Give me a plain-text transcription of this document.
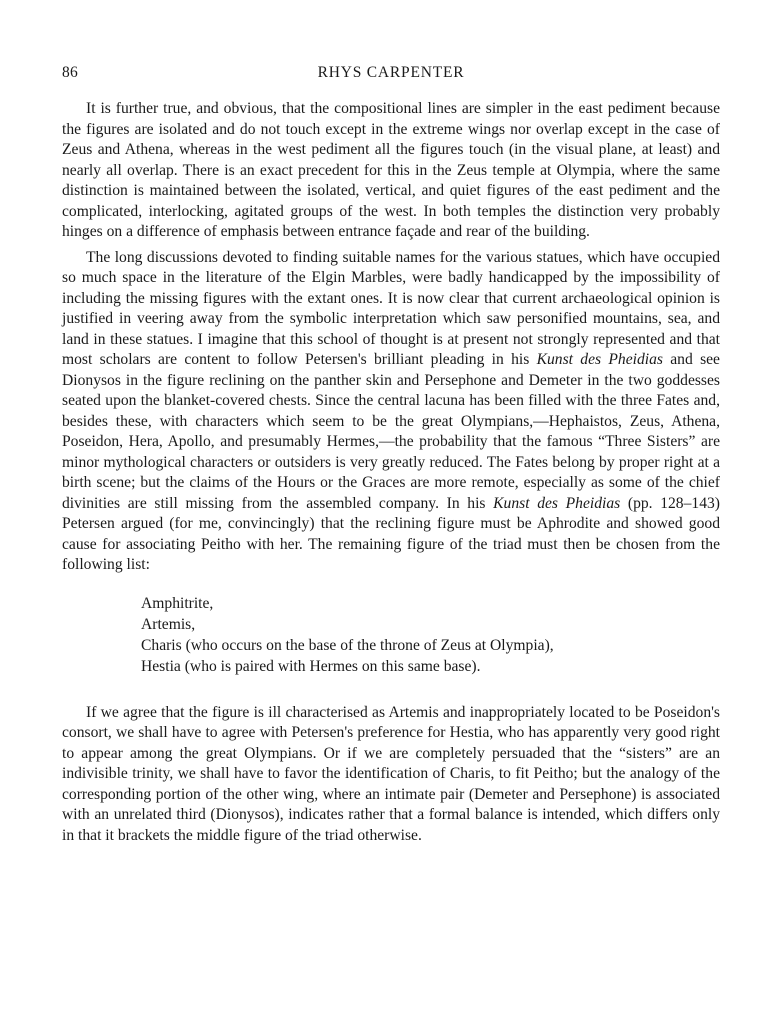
86	RHYS CARPENTER

It is further true, and obvious, that the compositional lines are simpler in the east pediment because the figures are isolated and do not touch except in the extreme wings nor overlap except in the case of Zeus and Athena, whereas in the west pediment all the figures touch (in the visual plane, at least) and nearly all overlap. There is an exact precedent for this in the Zeus temple at Olympia, where the same distinction is maintained between the isolated, vertical, and quiet figures of the east pediment and the complicated, interlocking, agitated groups of the west. In both temples the distinction very probably hinges on a difference of emphasis between entrance façade and rear of the building.

The long discussions devoted to finding suitable names for the various statues, which have occupied so much space in the literature of the Elgin Marbles, were badly handicapped by the impossibility of including the missing figures with the extant ones. It is now clear that current archaeological opinion is justified in veering away from the symbolic interpretation which saw personified mountains, sea, and land in these statues. I imagine that this school of thought is at present not strongly represented and that most scholars are content to follow Petersen's brilliant pleading in his Kunst des Pheidias and see Dionysos in the figure reclining on the panther skin and Persephone and Demeter in the two goddesses seated upon the blanket-covered chests. Since the central lacuna has been filled with the three Fates and, besides these, with characters which seem to be the great Olympians,—Hephaistos, Zeus, Athena, Poseidon, Hera, Apollo, and presumably Hermes,—the probability that the famous “Three Sisters” are minor mythological characters or outsiders is very greatly reduced. The Fates belong by proper right at a birth scene; but the claims of the Hours or the Graces are more remote, especially as some of the chief divinities are still missing from the assembled company. In his Kunst des Pheidias (pp. 128–143) Petersen argued (for me, convincingly) that the reclining figure must be Aphrodite and showed good cause for associating Peitho with her. The remaining figure of the triad must then be chosen from the following list:

Amphitrite,
Artemis,
Charis (who occurs on the base of the throne of Zeus at Olympia),
Hestia (who is paired with Hermes on this same base).

If we agree that the figure is ill characterised as Artemis and inappropriately located to be Poseidon's consort, we shall have to agree with Petersen's preference for Hestia, who has apparently very good right to appear among the great Olympians. Or if we are completely persuaded that the “sisters” are an indivisible trinity, we shall have to favor the identification of Charis, to fit Peitho; but the analogy of the corresponding portion of the other wing, where an intimate pair (Demeter and Persephone) is associated with an unrelated third (Dionysos), indicates rather that a formal balance is intended, which differs only in that it brackets the middle figure of the triad otherwise.
